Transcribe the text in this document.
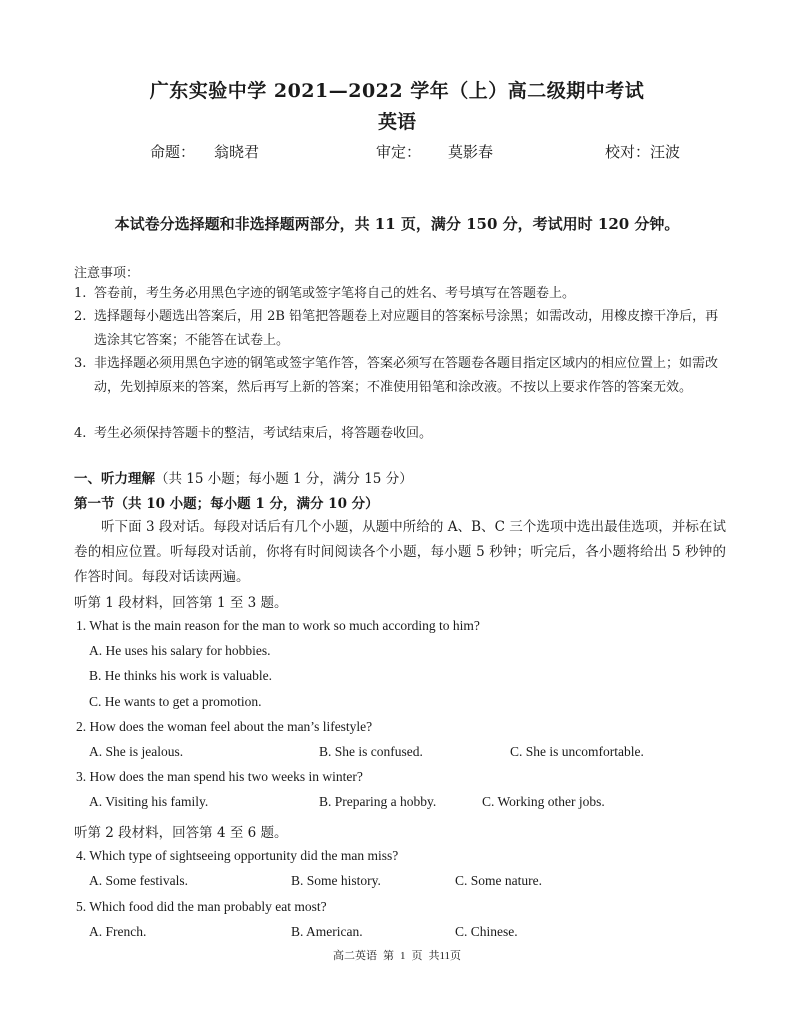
广东实验中学 2021—2022 学年（上）高二级期中考试
英语
命题： 翁晓君	审定： 莫影春	校对：汪波
本试卷分选择题和非选择题两部分，共 11 页，满分 150 分，考试用时 120 分钟。
注意事项：
1. 答卷前，考生务必用黑色字迹的钢笔或签字笔将自己的姓名、考号填写在答题卷上。
2. 选择题每小题选出答案后，用 2B 铅笔把答题卷上对应题目的答案标号涂黑；如需改动，用橡皮擦干净后，再选涂其它答案；不能答在试卷上。
3. 非选择题必须用黑色字迹的钢笔或签字笔作答，答案必须写在答题卷各题目指定区域内的相应位置上；如需改动，先划掉原来的答案，然后再写上新的答案；不准使用铅笔和涂改液。不按以上要求作答的答案无效。
4. 考生必须保持答题卡的整洁，考试结束后，将答题卷收回。
一、听力理解（共 15 小题；每小题 1 分，满分 15 分）
第一节（共 10 小题；每小题 1 分，满分 10 分）
听下面 3 段对话。每段对话后有几个小题，从题中所给的 A、B、C 三个选项中选出最佳选项，并标在试卷的相应位置。听每段对话前，你将有时间阅读各个小题，每小题 5 秒钟；听完后，各小题将给出 5 秒钟的作答时间。每段对话读两遍。
听第 1 段材料，回答第 1 至 3 题。
1. What is the main reason for the man to work so much according to him?
A. He uses his salary for hobbies.
B. He thinks his work is valuable.
C. He wants to get a promotion.
2. How does the woman feel about the man’s lifestyle?
A. She is jealous.	B. She is confused.	C. She is uncomfortable.
3. How does the man spend his two weeks in winter?
A. Visiting his family.	B. Preparing a hobby.	C. Working other jobs.
听第 2 段材料，回答第 4 至 6 题。
4. Which type of sightseeing opportunity did the man miss?
A. Some festivals.	B. Some history.	C. Some nature.
5. Which food did the man probably eat most?
A. French.	B. American.	C. Chinese.
高二英语 第 1 页 共11页
